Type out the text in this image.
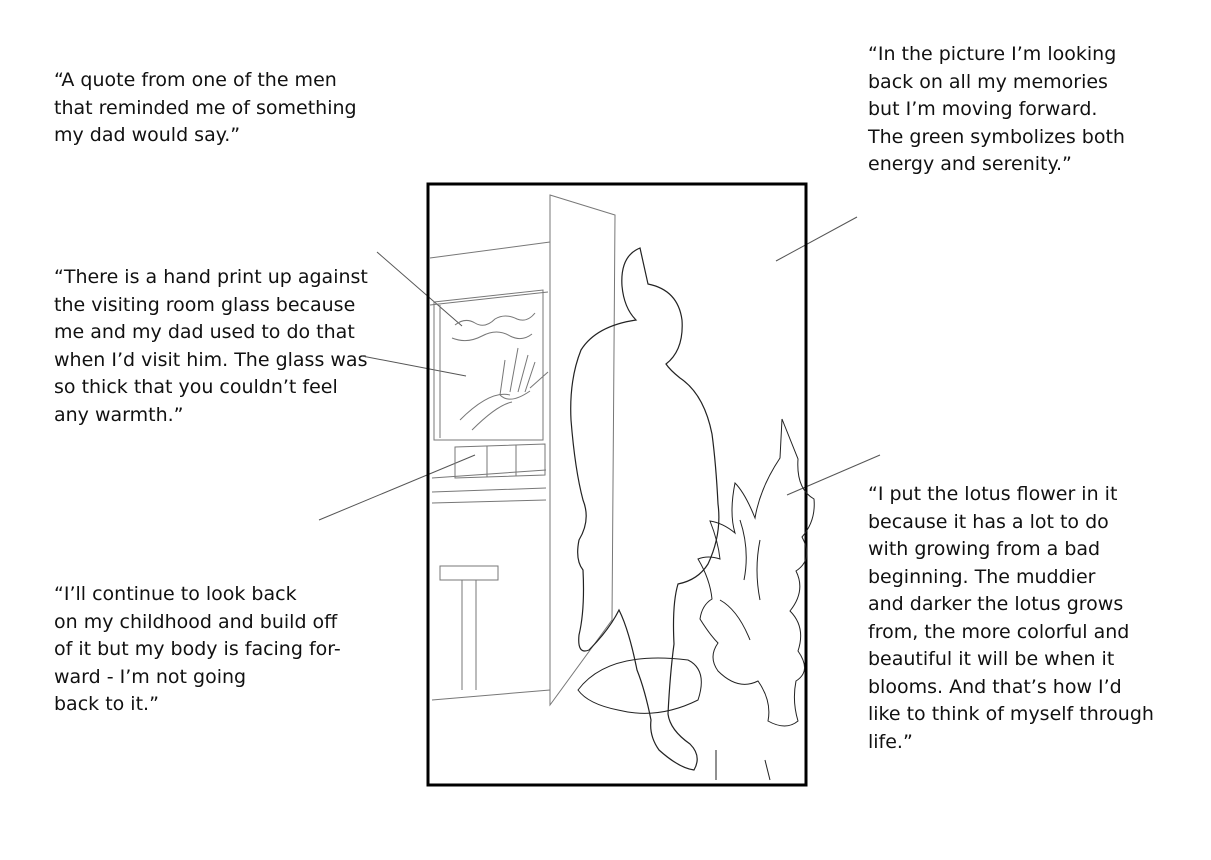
“A quote from one of the men
that reminded me of something
my dad would say.”

“There is a hand print up against
the visiting room glass because
me and my dad used to do that
when I’d visit him. The glass was
so thick that you couldn’t feel
any warmth.”

“I’ll continue to look back
on my childhood and build off
of it but my body is facing for-
ward - I’m not going
back to it.”

“In the picture I’m looking
back on all my memories
but I’m moving forward.
The green symbolizes both
energy and serenity.”

“I put the lotus flower in it
because it has a lot to do
with growing from a bad
beginning. The muddier
and darker the lotus grows
from, the more colorful and
beautiful it will be when it
blooms. And that’s how I’d
like to think of myself through
life.”
